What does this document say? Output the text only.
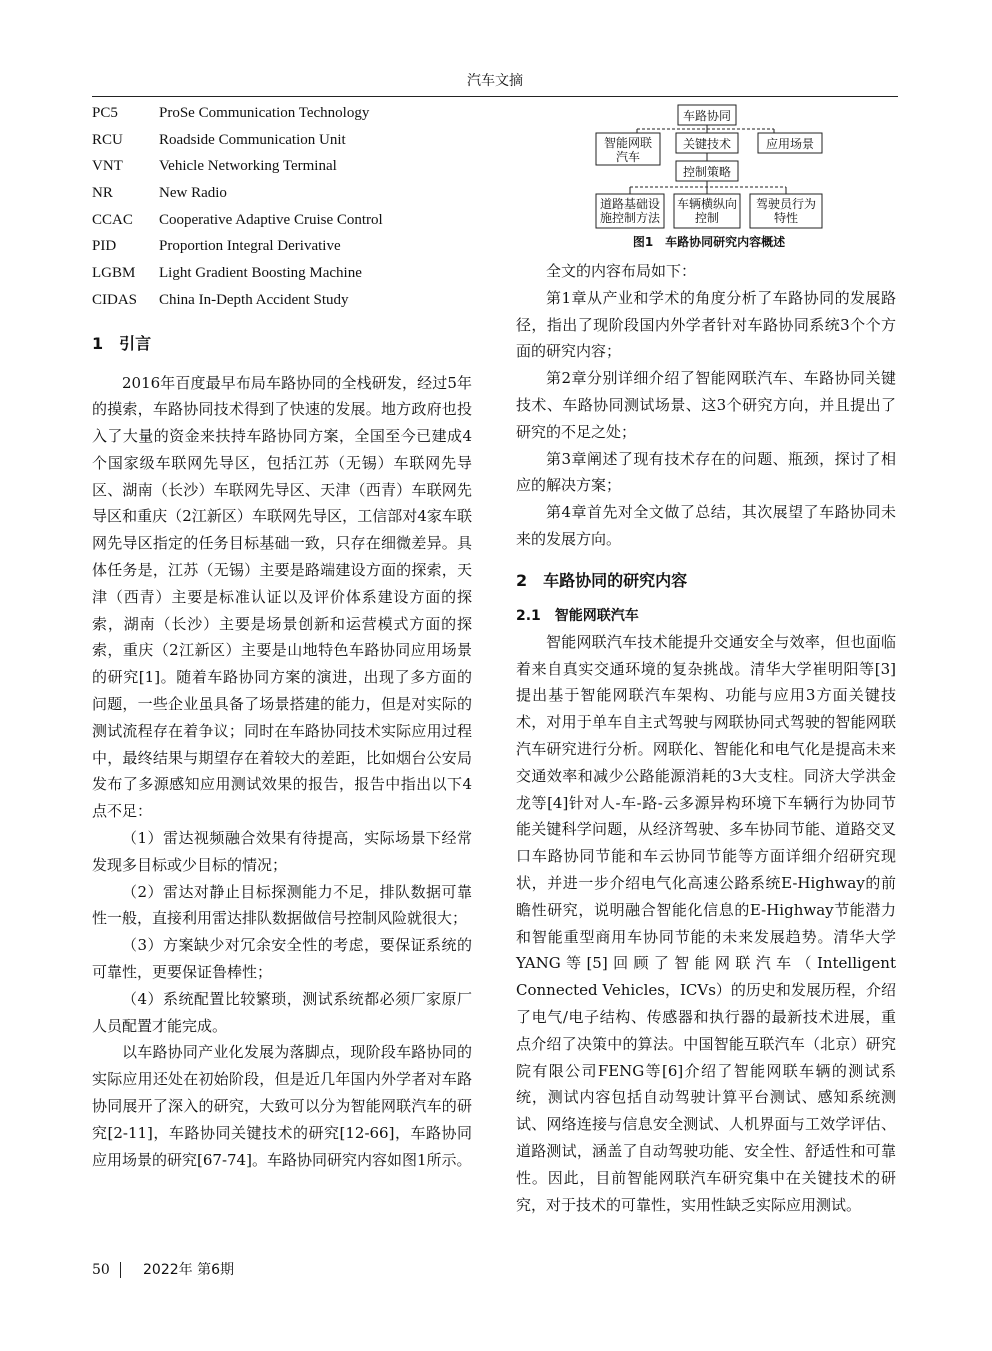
汽车文摘
PC5	ProSe Communication Technology
RCU	Roadside Communication Unit
VNT	Vehicle Networking Terminal
NR	New Radio
CCAC	Cooperative Adaptive Cruise Control
PID	Proportion Integral Derivative
LGBM	Light Gradient Boosting Machine
CIDAS	China In-Depth Accident Study
1　引言

2016年百度最早布局车路协同的全栈研发，经过5年的摸索，车路协同技术得到了快速的发展。地方政府也投入了大量的资金来扶持车路协同方案，全国至今已建成4个国家级车联网先导区，包括江苏（无锡）车联网先导区、湖南（长沙）车联网先导区、天津（西青）车联网先导区和重庆（2江新区）车联网先导区，工信部对4家车联网先导区指定的任务目标基础一致，只存在细微差异。具体任务是，江苏（无锡）主要是路端建设方面的探索，天津（西青）主要是标准认证以及评价体系建设方面的探索，湖南（长沙）主要是场景创新和运营模式方面的探索，重庆（2江新区）主要是山地特色车路协同应用场景的研究[1]。随着车路协同方案的演进，出现了多方面的问题，一些企业虽具备了场景搭建的能力，但是对实际的测试流程存在着争议；同时在车路协同技术实际应用过程中，最终结果与期望存在着较大的差距，比如烟台公安局发布了多源感知应用测试效果的报告，报告中指出以下4点不足：

（1）雷达视频融合效果有待提高，实际场景下经常发现多目标或少目标的情况；

（2）雷达对静止目标探测能力不足，排队数据可靠性一般，直接利用雷达排队数据做信号控制风险就很大；

（3）方案缺少对冗余安全性的考虑，要保证系统的可靠性，更要保证鲁棒性；

（4）系统配置比较繁琐，测试系统都必须厂家原厂人员配置才能完成。

以车路协同产业化发展为落脚点，现阶段车路协同的实际应用还处在初始阶段，但是近几年国内外学者对车路协同展开了深入的研究，大致可以分为智能网联汽车的研究[2-11]，车路协同关键技术的研究[12-66]，车路协同应用场景的研究[67-74]。车路协同研究内容如图1所示。

车路协同
智能网联汽车
关键技术	应用场景
控制策略
道路基础设施控制方法
车辆横纵向控制
驾驶员行为特性
图1　车路协同研究内容概述

全文的内容布局如下：

第1章从产业和学术的角度分析了车路协同的发展路径，指出了现阶段国内外学者针对车路协同系统3个个方面的研究内容；

第2章分别详细介绍了智能网联汽车、车路协同关键技术、车路协同测试场景、这3个研究方向，并且提出了研究的不足之处；

第3章阐述了现有技术存在的问题、瓶颈，探讨了相应的解决方案；

第4章首先对全文做了总结，其次展望了车路协同未来的发展方向。

2　车路协同的研究内容
2.1　智能网联汽车

智能网联汽车技术能提升交通安全与效率，但也面临着来自真实交通环境的复杂挑战。清华大学崔明阳等[3]提出基于智能网联汽车架构、功能与应用3方面关键技术，对用于单车自主式驾驶与网联协同式驾驶的智能网联汽车研究进行分析。网联化、智能化和电气化是提高未来交通效率和减少公路能源消耗的3大支柱。同济大学洪金龙等[4]针对人-车-路-云多源异构环境下车辆行为协同节能关键科学问题，从经济驾驶、多车协同节能、道路交叉口车路协同节能和车云协同节能等方面详细介绍研究现状，并进一步介绍电气化高速公路系统E-Highway的前瞻性研究，说明融合智能化信息的E-Highway节能潜力和智能重型商用车协同节能的未来发展趋势。清华大学YANG等[5]回顾了智能网联汽车（Intelligent Connected Vehicles，ICVs）的历史和发展历程，介绍了电气/电子结构、传感器和执行器的最新技术进展，重点介绍了决策中的算法。中国智能互联汽车（北京）研究院有限公司FENG等[6]介绍了智能网联车辆的测试系统，测试内容包括自动驾驶计算平台测试、感知系统测试、网络连接与信息安全测试、人机界面与工效学评估、道路测试，涵盖了自动驾驶功能、安全性、舒适性和可靠性。因此，目前智能网联汽车研究集中在关键技术的研究，对于技术的可靠性，实用性缺乏实际应用测试。

50 2022年 第6期
